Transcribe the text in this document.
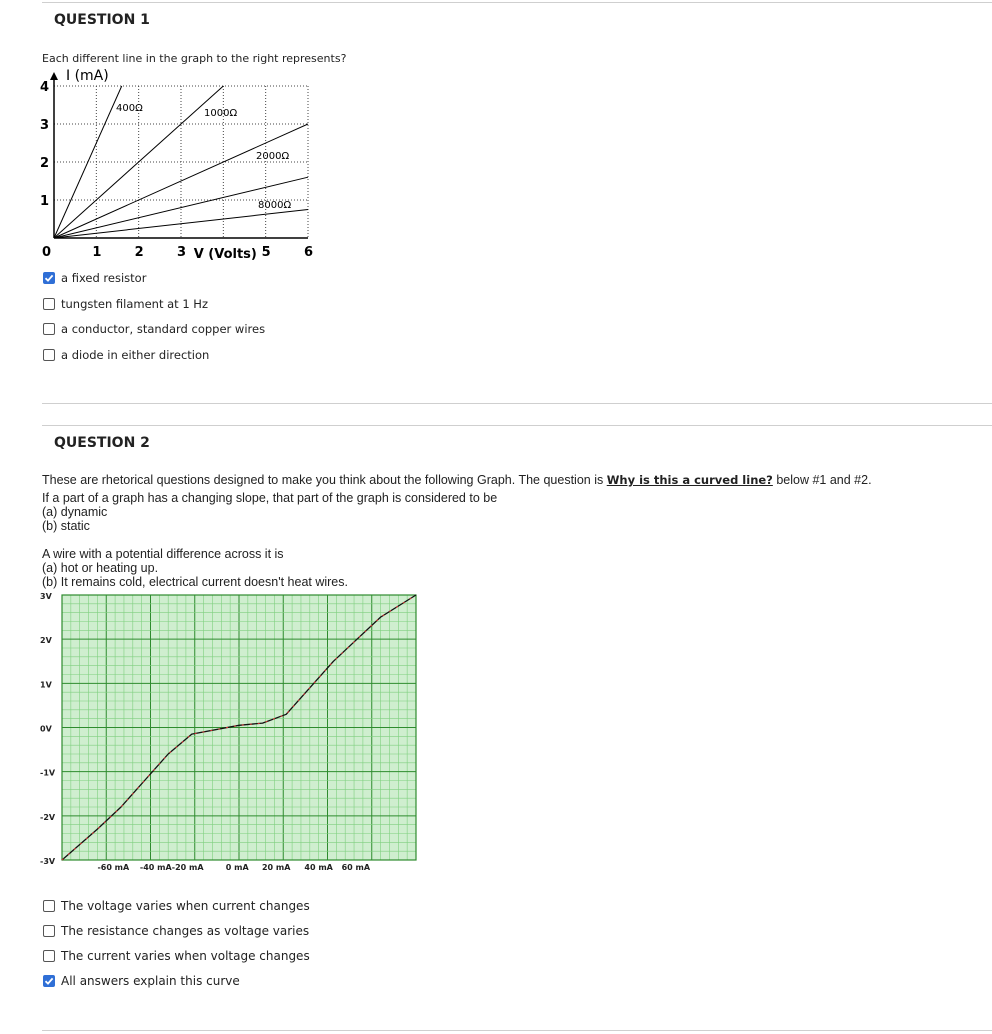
QUESTION 1
Each different line in the graph to the right represents?
400Ω	1000Ω
2000Ω
8000Ω
I (mA)
1
2
3
4
0	1	2	3	5	6
V (Volts)
a fixed resistor
tungsten filament at 1 Hz
a conductor, standard copper wires
a diode in either direction
QUESTION 2
These are rhetorical questions designed to make you think about the following Graph. The question is Why is this a curved line? below #1 and #2.
If a part of a graph has a changing slope, that part of the graph is considered to be
(a) dynamic
(b) static
A wire with a potential difference across it is
(a) hot or heating up.
(b) It remains cold, electrical current doesn't heat wires.
3V
2V
1V
0V
-1V
-2V
-3V
-60 mA -40 mA -20 mA	0 mA 20 mA 40 mA 60 mA
The voltage varies when current changes
The resistance changes as voltage varies
The current varies when voltage changes
All answers explain this curve
